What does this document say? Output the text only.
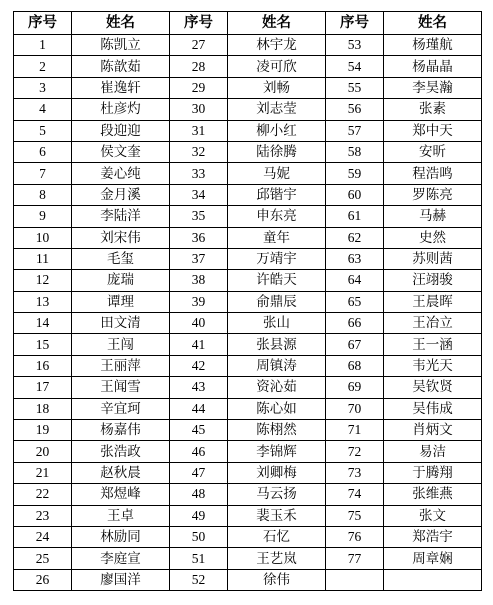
序号	姓名	序号	姓名	序号	姓名
1	陈凯立	27	林宇龙	53	杨瑾航
2	陈歆茹	28	凌可欣	54	杨晶晶
3	崔逸轩	29	刘畅	55	李昊瀚
4	杜彦灼	30	刘志莹	56	张素
5	段迎迎	31	柳小红	57	郑中天
6	侯文奎	32	陆徐腾	58	安昕
7	姜心纯	33	马妮	59	程浩鸣
8	金月溪	34	邱锴宇	60	罗陈亮
9	李陆洋	35	申东亮	61	马赫
10	刘宋伟	36	童年	62	史然
11	毛玺	37	万靖宇	63	苏则茜
12	庞瑞	38	许皓天	64	汪翊骏
13	谭理	39	俞鼎辰	65	王晨晖
14	田文清	40	张山	66	王冶立
15	王闯	41	张县源	67	王一涵
16	王丽萍	42	周镇涛	68	韦光天
17	王闻雪	43	资沁茹	69	吴钦贤
18	辛宜珂	44	陈心如	70	吴伟成
19	杨嘉伟	45	陈栩然	71	肖炳文
20	张浩政	46	李锦辉	72	易洁
21	赵秋晨	47	刘卿梅	73	于腾翔
22	郑煜峰	48	马云扬	74	张维燕
23	王卓	49	裴玉禾	75	张文
24	林励同	50	石忆	76	郑浩宇
25	李庭宣	51	王艺岚	77	周章娴
26	廖国洋	52	徐伟		
